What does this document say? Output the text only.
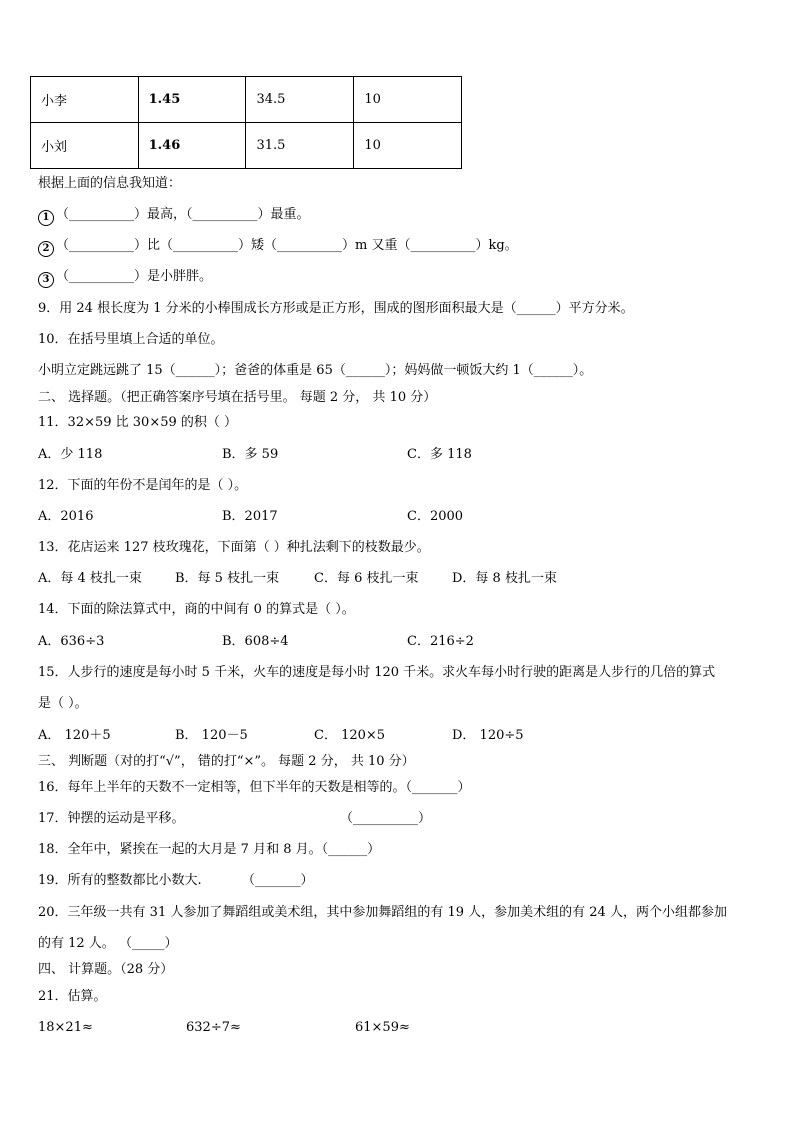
小李	1.45	34.5	10
小刘	1.46	31.5	10
根据上面的信息我知道：
1 （__________）最高，（__________）最重。
2 （__________）比（__________）矮（__________）m 又重（__________）kg。
3 （__________）是小胖胖。
9．用 24 根长度为 1 分米的小棒围成长方形或是正方形，围成的图形面积最大是（______）平方分米。
10．在括号里填上合适的单位。
小明立定跳远跳了 15（______）；爸爸的体重是 65（______）；妈妈做一顿饭大约 1（______）。
二、 选择题。（把正确答案序号填在括号里。 每题 2 分， 共 10 分）
11．32×59 比 30×59 的积（ ）
A．少 118	B．多 59	C．多 118
12．下面的年份不是闰年的是（ ）。
A．2016	B．2017	C．2000
13．花店运来 127 枝玫瑰花，下面第（ ）种扎法剩下的枝数最少。
A．每 4 枝扎一束	B．每 5 枝扎一束	C．每 6 枝扎一束	D．每 8 枝扎一束
14．下面的除法算式中，商的中间有 0 的算式是（ ）。
A．636÷3	B．608÷4	C．216÷2
15．人步行的速度是每小时 5 千米，火车的速度是每小时 120 千米。求火车每小时行驶的距离是人步行的几倍的算式
是（ ）。
A． 120＋5	B． 120－5	C． 120×5	D． 120÷5
三、 判断题（对的打“√”， 错的打“×”。 每题 2 分， 共 10 分）
16．每年上半年的天数不一定相等，但下半年的天数是相等的。（_______）
17．钟摆的运动是平移。	（__________）
18．全年中，紧挨在一起的大月是 7 月和 8 月。（______）
19．所有的整数都比小数大.	（_______）
20．三年级一共有 31 人参加了舞蹈组或美术组，其中参加舞蹈组的有 19 人，参加美术组的有 24 人，两个小组都参加
的有 12 人。 （_____）
四、 计算题。（28 分）
21．估算。
18×21≈	632÷7≈	61×59≈
